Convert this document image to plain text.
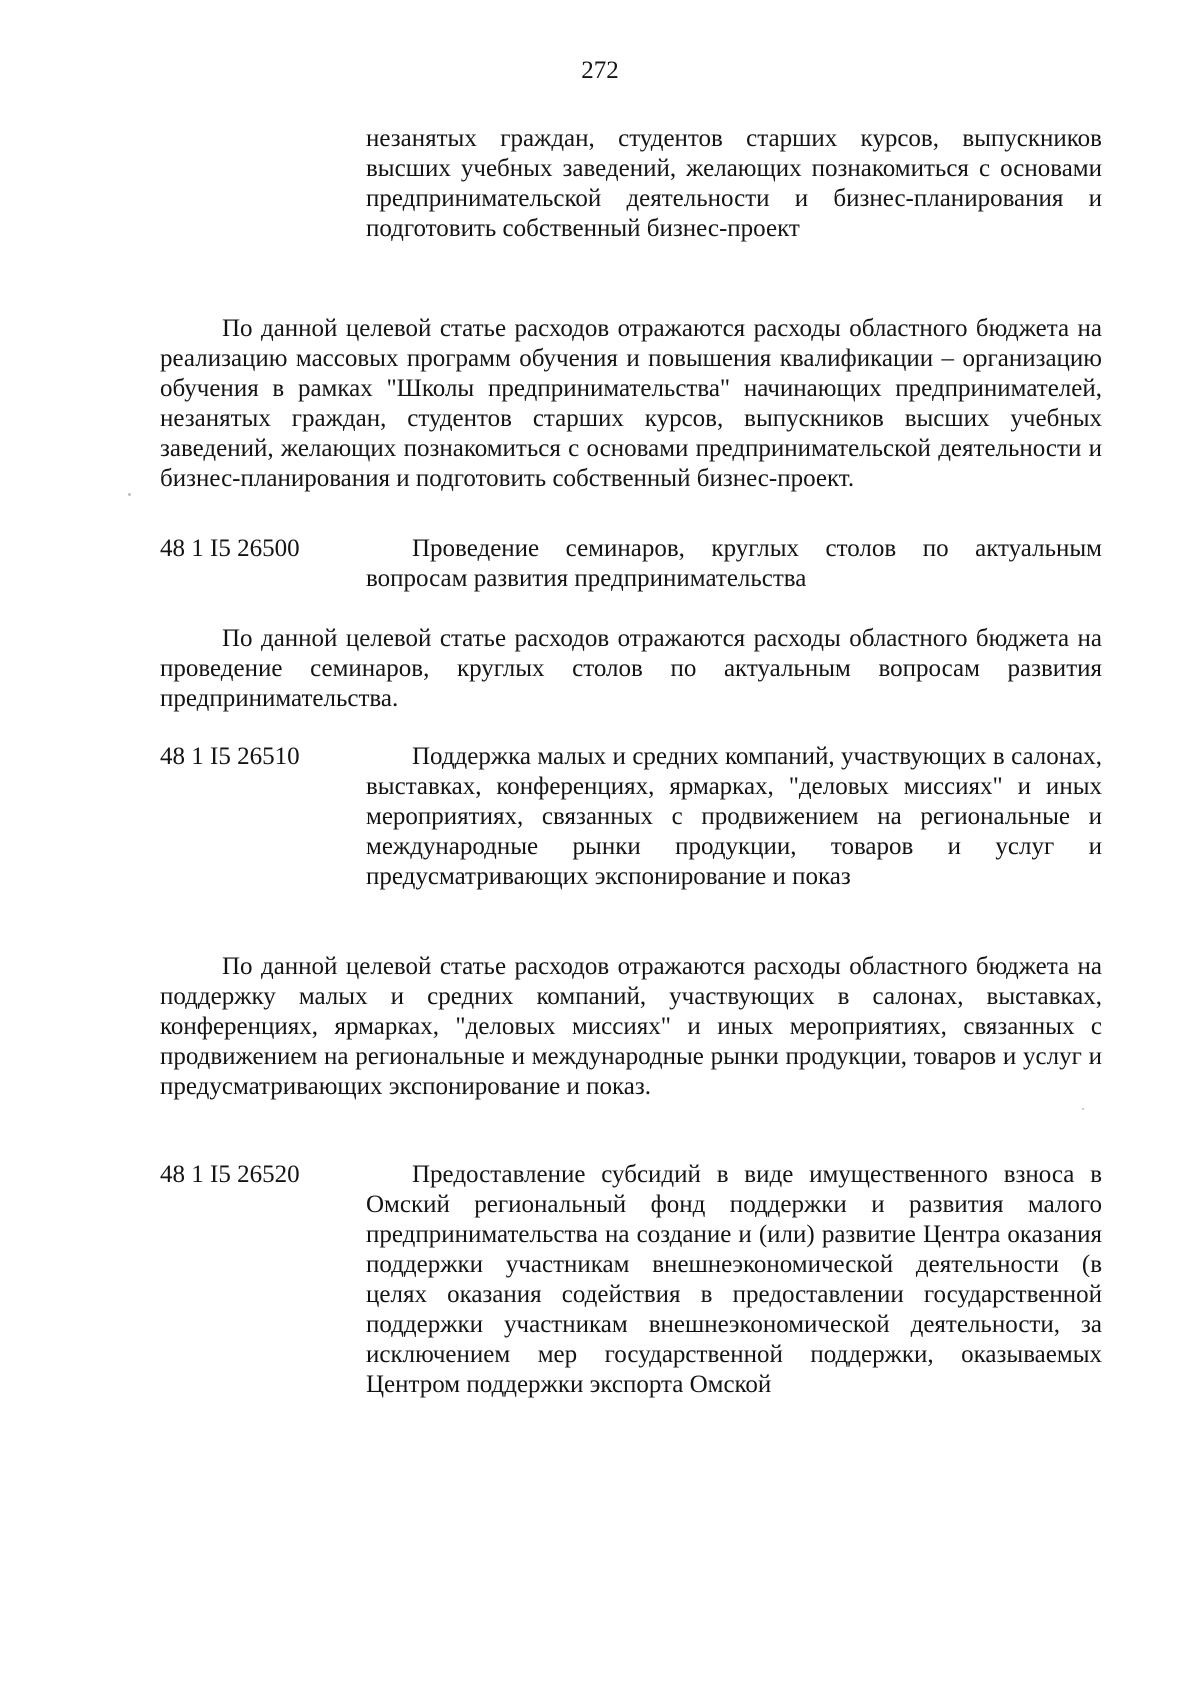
272
незанятых граждан, студентов старших курсов, выпускников высших учебных заведений, желающих познакомиться с основами предпринимательской деятельности и бизнес-планирования и подготовить собственный бизнес-проект
По данной целевой статье расходов отражаются расходы областного бюджета на реализацию массовых программ обучения и повышения квалификации – организацию обучения в рамках "Школы предпринимательства" начинающих предпринимателей, незанятых граждан, студентов старших курсов, выпускников высших учебных заведений, желающих познакомиться с основами предпринимательской деятельности и бизнес-планирования и подготовить собственный бизнес-проект.
48 1 I5 26500	Проведение семинаров, круглых столов по актуальным вопросам развития предпринимательства
По данной целевой статье расходов отражаются расходы областного бюджета на проведение семинаров, круглых столов по актуальным вопросам развития предпринимательства.
48 1 I5 26510	Поддержка малых и средних компаний, участвующих в салонах, выставках, конференциях, ярмарках, "деловых миссиях" и иных мероприятиях, связанных с продвижением на региональные и международные рынки продукции, товаров и услуг и предусматривающих экспонирование и показ
По данной целевой статье расходов отражаются расходы областного бюджета на поддержку малых и средних компаний, участвующих в салонах, выставках, конференциях, ярмарках, "деловых миссиях" и иных мероприятиях, связанных с продвижением на региональные и международные рынки продукции, товаров и услуг и предусматривающих экспонирование и показ.
48 1 I5 26520	Предоставление субсидий в виде имущественного взноса в Омский региональный фонд поддержки и развития малого предпринимательства на создание и (или) развитие Центра оказания поддержки участникам внешнеэкономической деятельности (в целях оказания содействия в предоставлении государственной поддержки участникам внешнеэкономической деятельности, за исключением мер государственной поддержки, оказываемых Центром поддержки экспорта Омской
